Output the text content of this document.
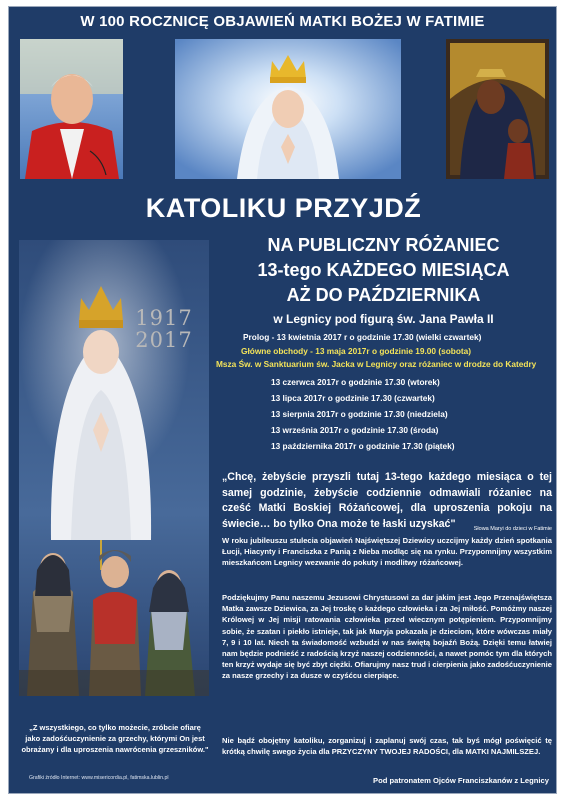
W 100 ROCZNICĘ OBJAWIEŃ MATKI BOŻEJ W FATIMIE
KATOLIKU PRZYJDŹ
1917
2017
NA PUBLICZNY RÓŻANIEC
13-tego KAŻDEGO MIESIĄCA
AŻ DO PAŹDZIERNIKA
w Legnicy pod figurą św. Jana Pawła II
Prolog - 13 kwietnia 2017 r o godzinie 17.30 (wielki czwartek)
Główne obchody - 13 maja 2017r o godzinie 19.00 (sobota)
Msza Św. w Sanktuarium św. Jacka w Legnicy oraz różaniec w drodze do Katedry
13 czerwca 2017r o godzinie 17.30 (wtorek)
13 lipca 2017r o godzinie 17.30 (czwartek)
13 sierpnia 2017r o godzinie 17.30 (niedziela)
13 września 2017r o godzinie 17.30 (środa)
13 października 2017r o godzinie 17.30 (piątek)
„Chcę, żebyście przyszli tutaj 13-tego każdego miesiąca o tej samej godzinie, żebyście codziennie odmawiali różaniec na cześć Matki Boskiej Różańcowej, dla uproszenia pokoju na świecie… bo tylko Ona może te łaski uzyskać"	Słowa Maryi do dzieci w Fatimie
W roku jubileuszu stulecia objawień Najświętszej Dziewicy uczcijmy każdy dzień spotkania Łucji, Hiacynty i Franciszka z Panią z Nieba modląc się na rynku. Przypomnijmy wszystkim mieszkańcom Legnicy wezwanie do pokuty i modlitwy różańcowej.
Podziękujmy Panu naszemu Jezusowi Chrystusowi za dar jakim jest Jego Przenajświętsza Matka zawsze Dziewica, za Jej troskę o każdego człowieka i za Jej miłość. Pomóżmy naszej Królowej w Jej misji ratowania człowieka przed wiecznym potępieniem. Przypomnijmy sobie, że szatan i piekło istnieje, tak jak Maryja pokazała je dzieciom, które wówczas miały 7, 9 i 10 lat. Niech ta świadomość wzbudzi w nas świętą bojaźń Bożą. Dzięki temu łatwiej nam będzie podnieść z radością krzyż naszej codzienności, a nawet pomóc tym dla których ten krzyż wydaje się być zbyt ciężki. Ofiarujmy nasz trud i cierpienia jako zadośćuczynienie za nasze grzechy i za dusze w czyśćcu cierpiące.
Nie bądź obojętny katoliku, zorganizuj i zaplanuj swój czas, tak byś mógł poświęcić tę krótką chwilę swego życia dla PRZYCZYNY TWOJEJ RADOŚCI, dla MATKI NAJMILSZEJ.
„Z wszystkiego, co tylko możecie, zróbcie ofiarę jako zadośćuczynienie za grzechy, którymi On jest obrażany i dla uproszenia nawrócenia grzeszników."
Grafiki źródło Internet: www.misericordia.pl, fatimska.lublin.pl	Pod patronatem Ojców Franciszkanów z Legnicy
